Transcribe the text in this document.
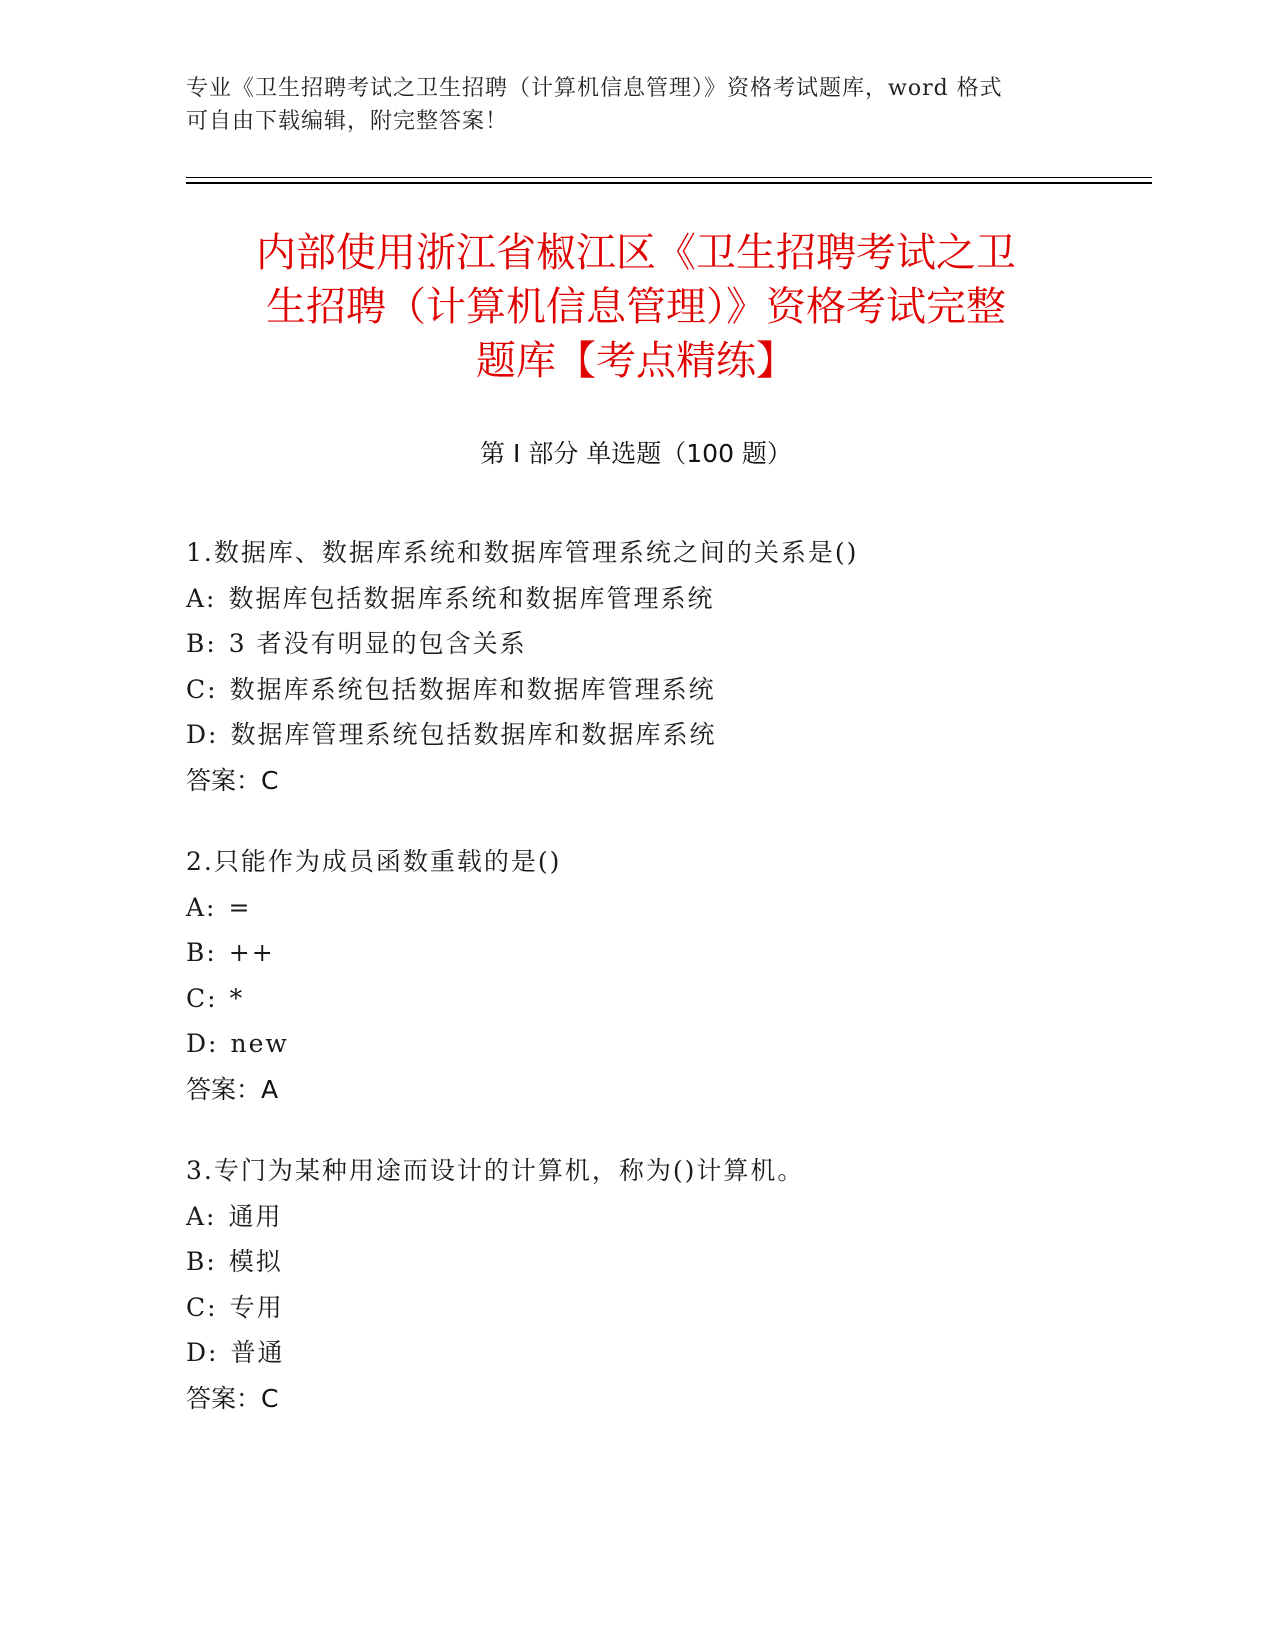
专业《卫生招聘考试之卫生招聘（计算机信息管理）》资格考试题库，word 格式
可自由下载编辑，附完整答案！
内部使用浙江省椒江区《卫生招聘考试之卫
生招聘（计算机信息管理）》资格考试完整
题库【考点精练】
第 I 部分 单选题（100 题）
1.数据库、数据库系统和数据库管理系统之间的关系是()
A: 数据库包括数据库系统和数据库管理系统
B: 3 者没有明显的包含关系
C: 数据库系统包括数据库和数据库管理系统
D: 数据库管理系统包括数据库和数据库系统
答案：C
2.只能作为成员函数重载的是()
A: =
B: ++
C: *
D: new
答案：A
3.专门为某种用途而设计的计算机，称为()计算机。
A: 通用
B: 模拟
C: 专用
D: 普通
答案：C
